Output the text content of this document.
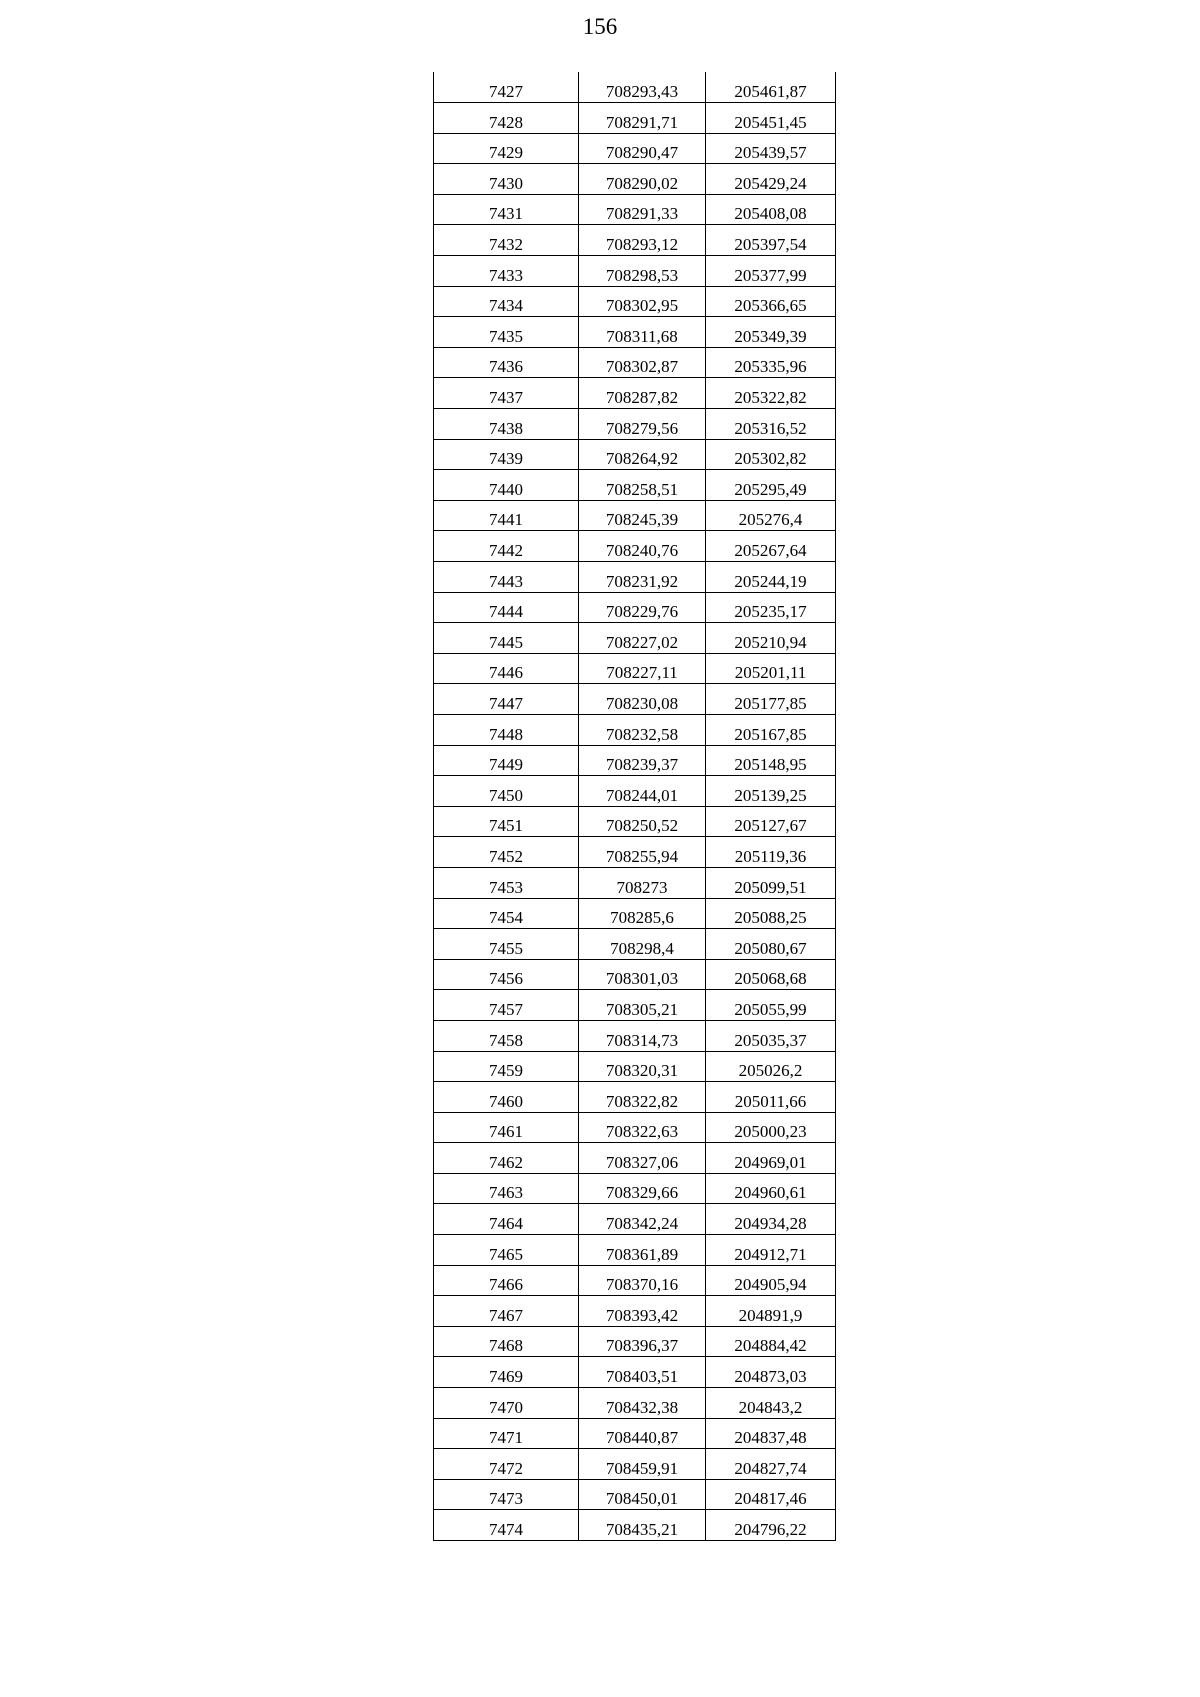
156
7427	708293,43	205461,87
7428	708291,71	205451,45
7429	708290,47	205439,57
7430	708290,02	205429,24
7431	708291,33	205408,08
7432	708293,12	205397,54
7433	708298,53	205377,99
7434	708302,95	205366,65
7435	708311,68	205349,39
7436	708302,87	205335,96
7437	708287,82	205322,82
7438	708279,56	205316,52
7439	708264,92	205302,82
7440	708258,51	205295,49
7441	708245,39	205276,4
7442	708240,76	205267,64
7443	708231,92	205244,19
7444	708229,76	205235,17
7445	708227,02	205210,94
7446	708227,11	205201,11
7447	708230,08	205177,85
7448	708232,58	205167,85
7449	708239,37	205148,95
7450	708244,01	205139,25
7451	708250,52	205127,67
7452	708255,94	205119,36
7453	708273	205099,51
7454	708285,6	205088,25
7455	708298,4	205080,67
7456	708301,03	205068,68
7457	708305,21	205055,99
7458	708314,73	205035,37
7459	708320,31	205026,2
7460	708322,82	205011,66
7461	708322,63	205000,23
7462	708327,06	204969,01
7463	708329,66	204960,61
7464	708342,24	204934,28
7465	708361,89	204912,71
7466	708370,16	204905,94
7467	708393,42	204891,9
7468	708396,37	204884,42
7469	708403,51	204873,03
7470	708432,38	204843,2
7471	708440,87	204837,48
7472	708459,91	204827,74
7473	708450,01	204817,46
7474	708435,21	204796,22
